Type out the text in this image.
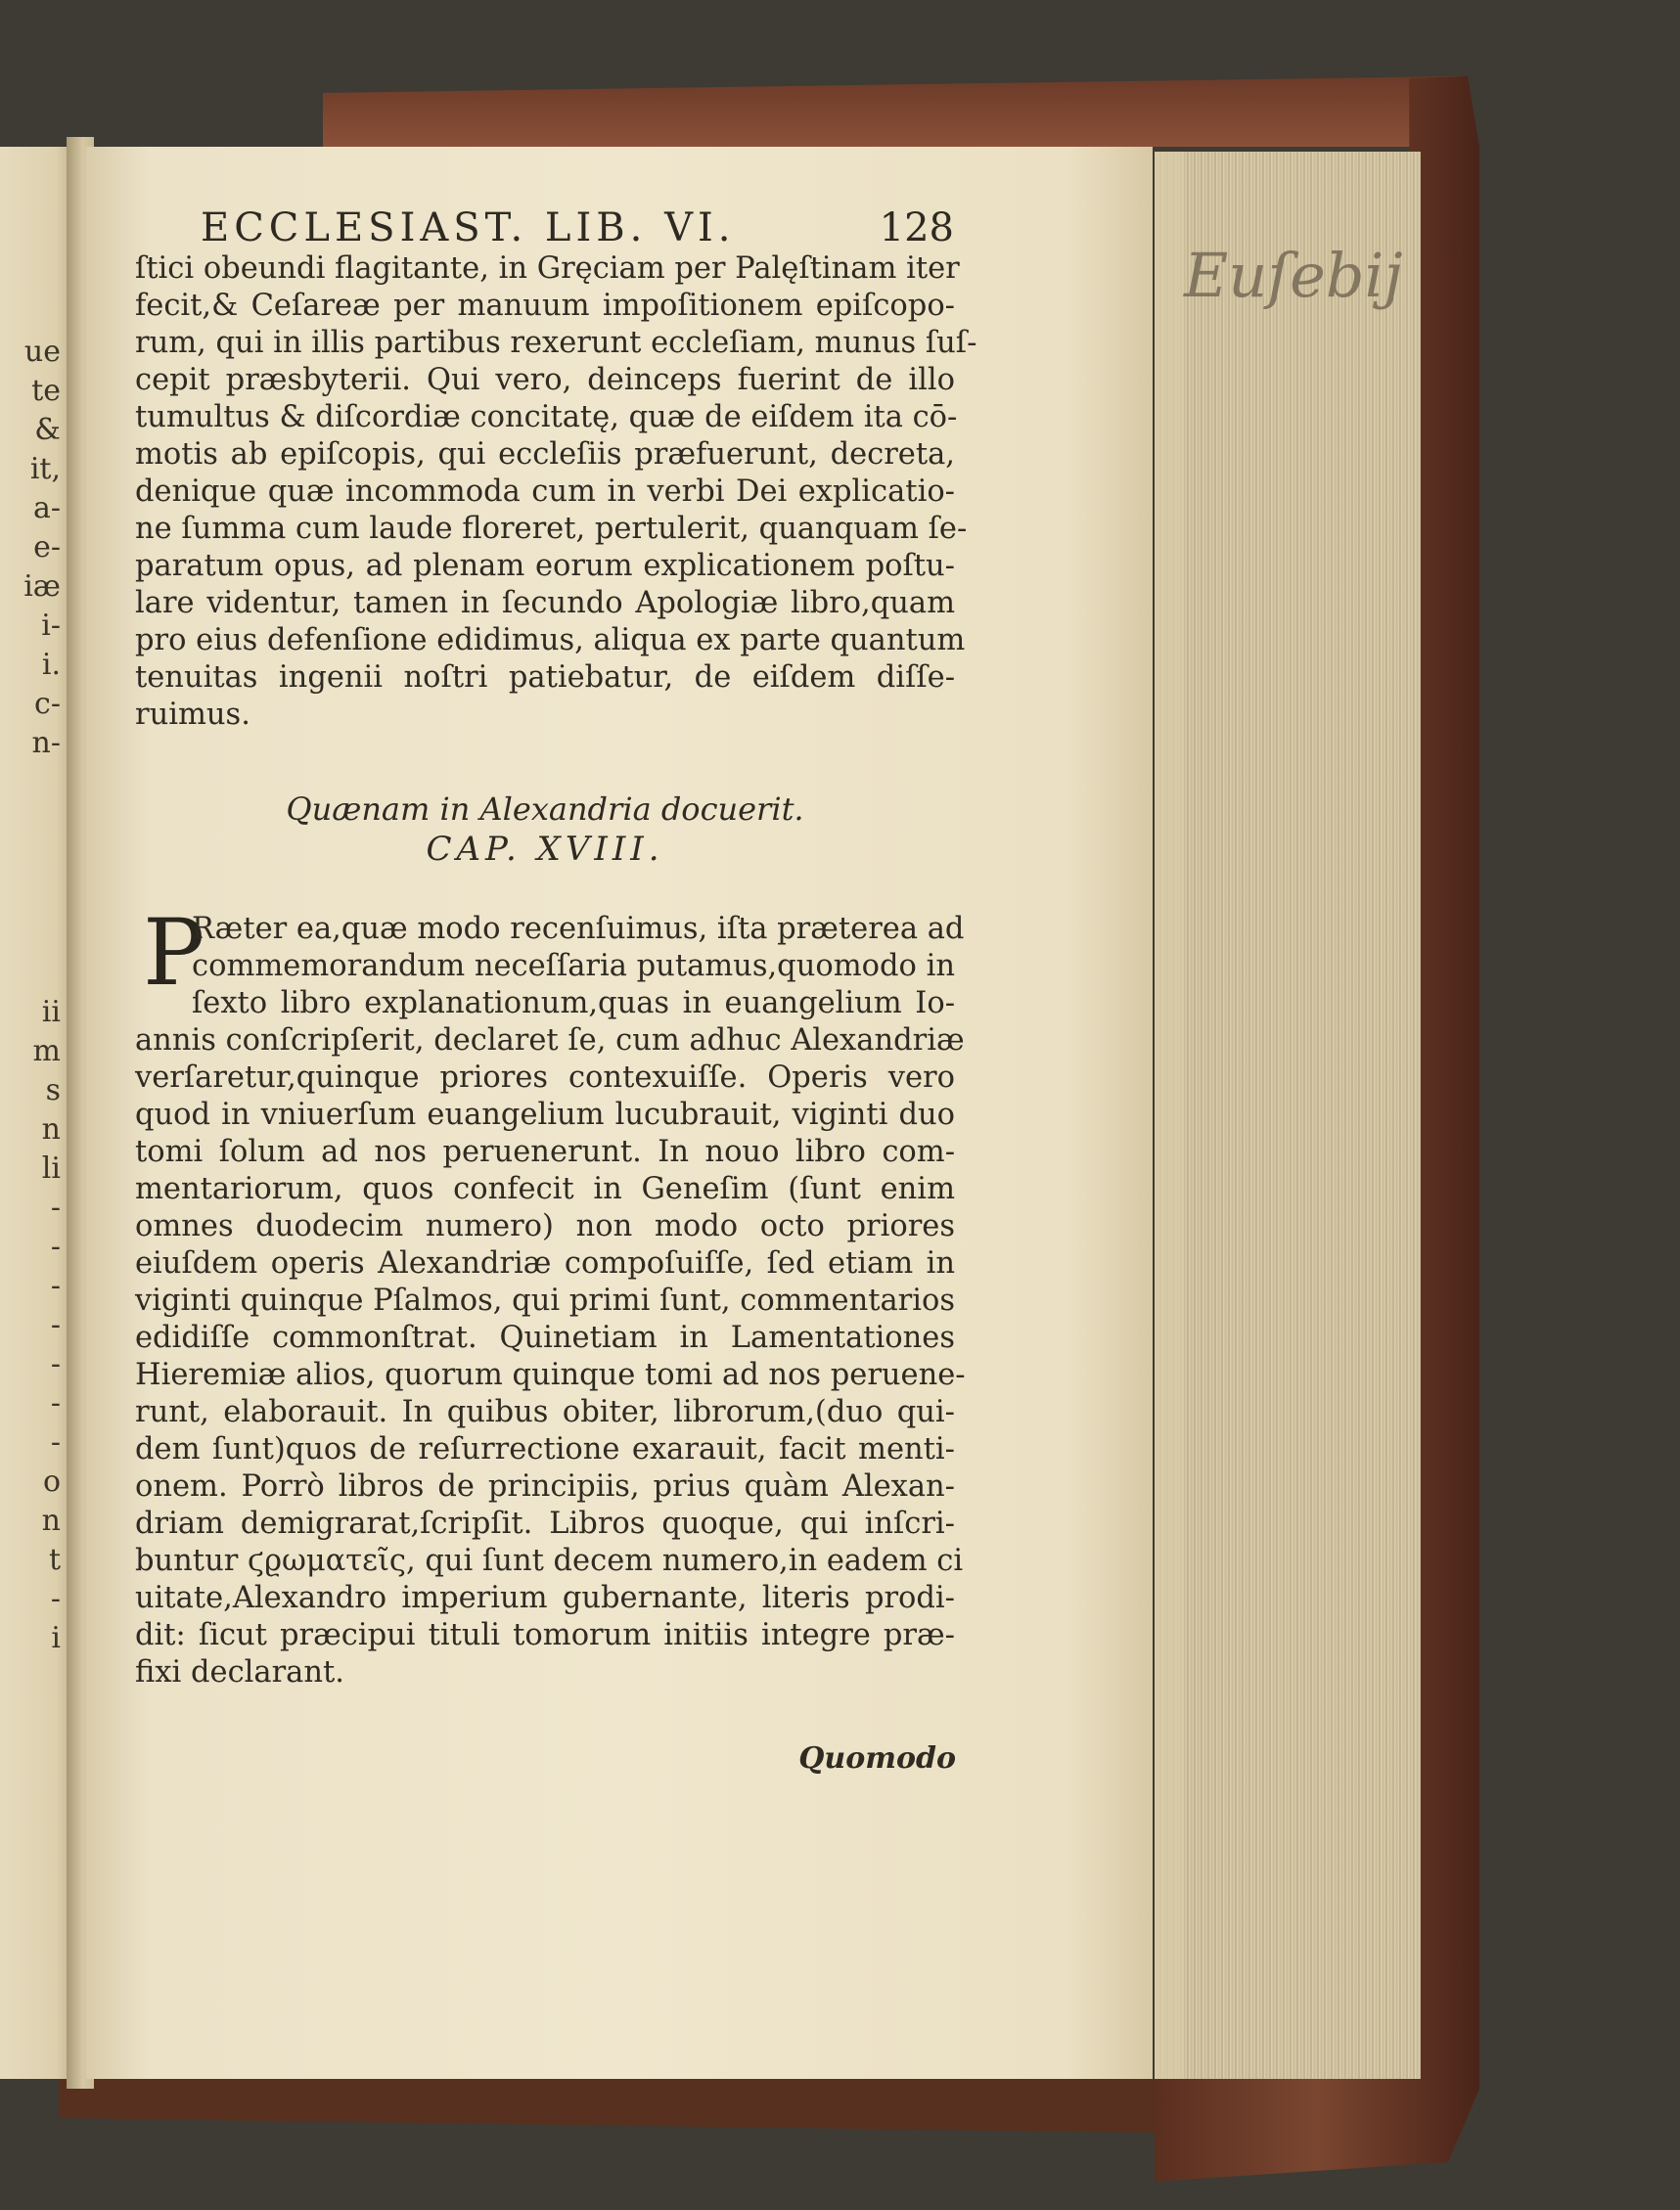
ue
te
&
it,
a-
e-
iæ
i-
i.
c-
n-
ii
m
s
n
li
-
-
-
-
-
-
-
o
n
t
-
i
ECCLESIAST. LIB. VI.	128
ſtici obeundi flagitante, in Gręciam per Palęſtinam iter
fecit,& Ceſareæ per manuum impoſitionem epiſcopo-
rum, qui in illis partibus rexerunt eccleſiam, munus ſuſ-
cepit præsbyterii. Qui vero, deinceps fuerint de illo
tumultus & diſcordiæ concitatę, quæ de eiſdem ita cō-
motis ab epiſcopis, qui eccleſiis præfuerunt, decreta,
denique quæ incommoda cum in verbi Dei explicatio-
ne ſumma cum laude floreret, pertulerit, quanquam ſe-
paratum opus, ad plenam eorum explicationem poſtu-
lare videntur, tamen in ſecundo Apologiæ libro,quam
pro eius defenſione edidimus, aliqua ex parte quantum
tenuitas ingenii noſtri patiebatur, de eiſdem diſſe-
ruimus.
Quænam in Alexandria docuerit.
CAP. XVIII.
P
Ræter ea,quæ modo recenſuimus, iſta præterea ad
commemorandum neceſſaria putamus,quomodo in
ſexto libro explanationum,quas in euangelium Io-
annis conſcripſerit, declaret ſe, cum adhuc Alexandriæ
verſaretur,quinque priores contexuiſſe. Operis vero
quod in vniuerſum euangelium lucubrauit, viginti duo
tomi ſolum ad nos peruenerunt. In nouo libro com-
mentariorum, quos confecit in Geneſim (ſunt enim
omnes duodecim numero) non modo octo priores
eiuſdem operis Alexandriæ compoſuiſſe, ſed etiam in
viginti quinque Pſalmos, qui primi ſunt, commentarios
edidiſſe commonſtrat. Quinetiam in Lamentationes
Hieremiæ alios, quorum quinque tomi ad nos peruene-
runt, elaborauit. In quibus obiter, librorum,(duo qui-
dem ſunt)quos de reſurrectione exarauit, facit menti-
onem. Porrò libros de principiis, prius quàm Alexan-
driam demigrarat,ſcripſit. Libros quoque, qui inſcri-
buntur ϛϱωματεῖς, qui ſunt decem numero,in eadem ci
uitate,Alexandro imperium gubernante, literis prodi-
dit: ſicut præcipui tituli tomorum initiis integre præ-
fixi declarant.
Quomodo
Euſebij
